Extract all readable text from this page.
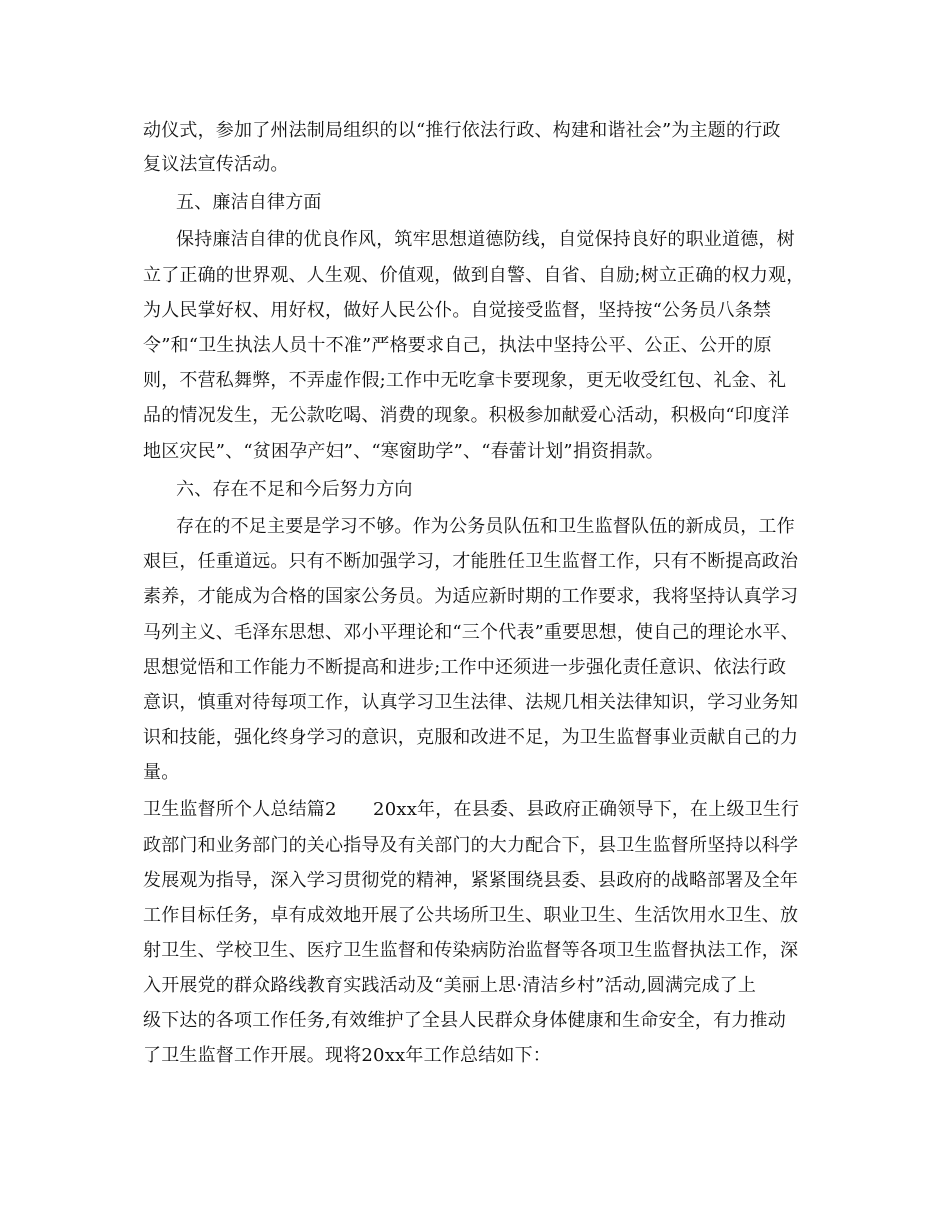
动仪式，参加了州法制局组织的以“推行依法行政、构建和谐社会”为主题的行政
复议法宣传活动。
五、廉洁自律方面
保持廉洁自律的优良作风，筑牢思想道德防线，自觉保持良好的职业道德，树
立了正确的世界观、人生观、价值观，做到自警、自省、自励;树立正确的权力观，
为人民掌好权、用好权，做好人民公仆。自觉接受监督，坚持按“公务员八条禁
令”和“卫生执法人员十不准”严格要求自己，执法中坚持公平、公正、公开的原
则，不营私舞弊，不弄虚作假;工作中无吃拿卡要现象，更无收受红包、礼金、礼
品的情况发生，无公款吃喝、消费的现象。积极参加献爱心活动，积极向“印度洋
地区灾民”、“贫困孕产妇”、“寒窗助学”、“春蕾计划”捐资捐款。
六、存在不足和今后努力方向
存在的不足主要是学习不够。作为公务员队伍和卫生监督队伍的新成员，工作
艰巨，任重道远。只有不断加强学习，才能胜任卫生监督工作，只有不断提高政治
素养，才能成为合格的国家公务员。为适应新时期的工作要求，我将坚持认真学习
马列主义、毛泽东思想、邓小平理论和“三个代表”重要思想，使自己的理论水平、
思想觉悟和工作能力不断提高和进步;工作中还须进一步强化责任意识、依法行政
意识，慎重对待每项工作，认真学习卫生法律、法规几相关法律知识，学习业务知
识和技能，强化终身学习的意识，克服和改进不足，为卫生监督事业贡献自己的力
量。
卫生监督所个人总结篇2　　20xx年，在县委、县政府正确领导下，在上级卫生行
政部门和业务部门的关心指导及有关部门的大力配合下，县卫生监督所坚持以科学
发展观为指导，深入学习贯彻党的精神，紧紧围绕县委、县政府的战略部署及全年
工作目标任务，卓有成效地开展了公共场所卫生、职业卫生、生活饮用水卫生、放
射卫生、学校卫生、医疗卫生监督和传染病防治监督等各项卫生监督执法工作，深
入开展党的群众路线教育实践活动及“美丽上思·清洁乡村”活动,圆满完成了上
级下达的各项工作任务,有效维护了全县人民群众身体健康和生命安全，有力推动
了卫生监督工作开展。现将20xx年工作总结如下：
